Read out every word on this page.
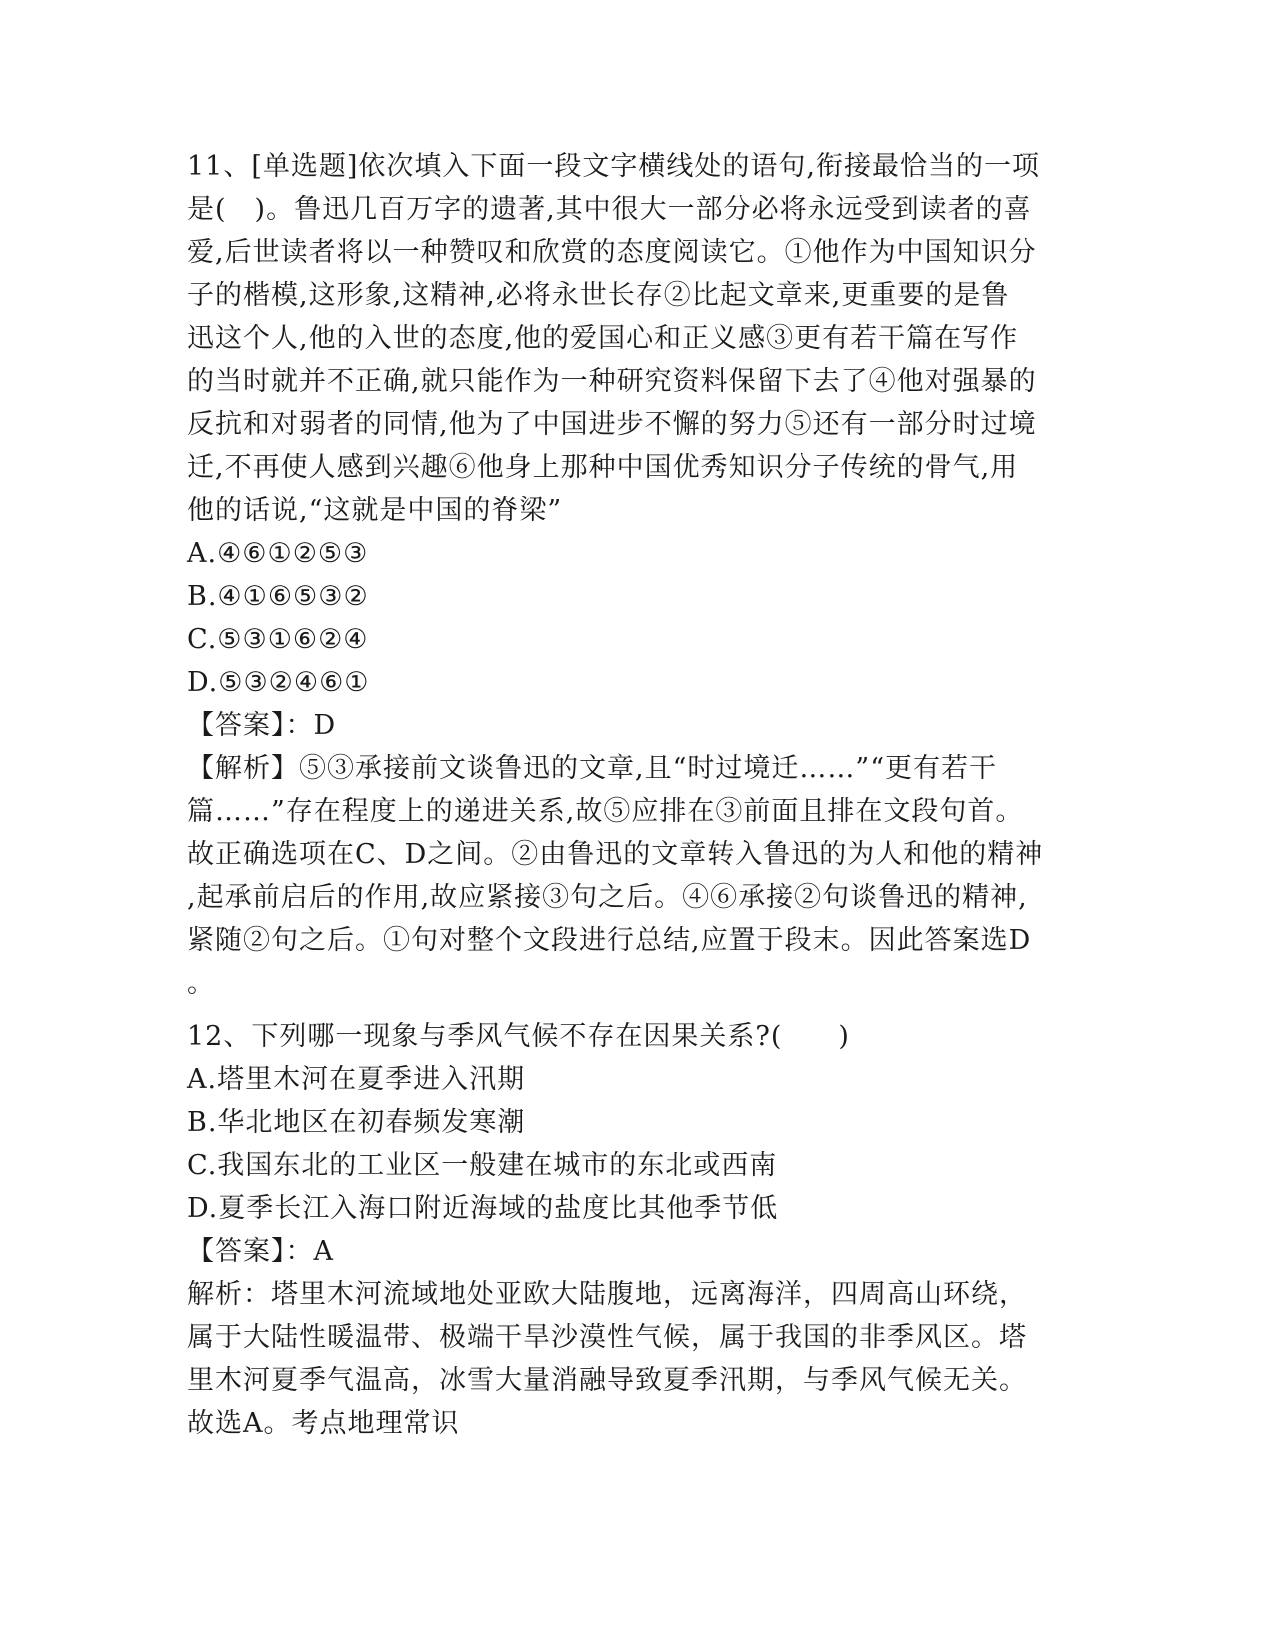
11、[单选题]依次填入下面一段文字横线处的语句,衔接最恰当的一项
是(　)。鲁迅几百万字的遗著,其中很大一部分必将永远受到读者的喜
爱,后世读者将以一种赞叹和欣赏的态度阅读它。①他作为中国知识分
子的楷模,这形象,这精神,必将永世长存②比起文章来,更重要的是鲁
迅这个人,他的入世的态度,他的爱国心和正义感③更有若干篇在写作
的当时就并不正确,就只能作为一种研究资料保留下去了④他对强暴的
反抗和对弱者的同情,他为了中国进步不懈的努力⑤还有一部分时过境
迁,不再使人感到兴趣⑥他身上那种中国优秀知识分子传统的骨气,用
他的话说,“这就是中国的脊梁”
A.④⑥①②⑤③
B.④①⑥⑤③②
C.⑤③①⑥②④
D.⑤③②④⑥①
【答案】：D
【解析】⑤③承接前文谈鲁迅的文章,且“时过境迁……”“更有若干
篇……”存在程度上的递进关系,故⑤应排在③前面且排在文段句首。
故正确选项在C、D之间。②由鲁迅的文章转入鲁迅的为人和他的精神
,起承前启后的作用,故应紧接③句之后。④⑥承接②句谈鲁迅的精神,
紧随②句之后。①句对整个文段进行总结,应置于段末。因此答案选D
。
12、下列哪一现象与季风气候不存在因果关系?(　　)
A.塔里木河在夏季进入汛期
B.华北地区在初春频发寒潮
C.我国东北的工业区一般建在城市的东北或西南
D.夏季长江入海口附近海域的盐度比其他季节低
【答案】：A
解析：塔里木河流域地处亚欧大陆腹地，远离海洋，四周高山环绕，
属于大陆性暖温带、极端干旱沙漠性气候，属于我国的非季风区。塔
里木河夏季气温高，冰雪大量消融导致夏季汛期，与季风气候无关。
故选A。考点地理常识
